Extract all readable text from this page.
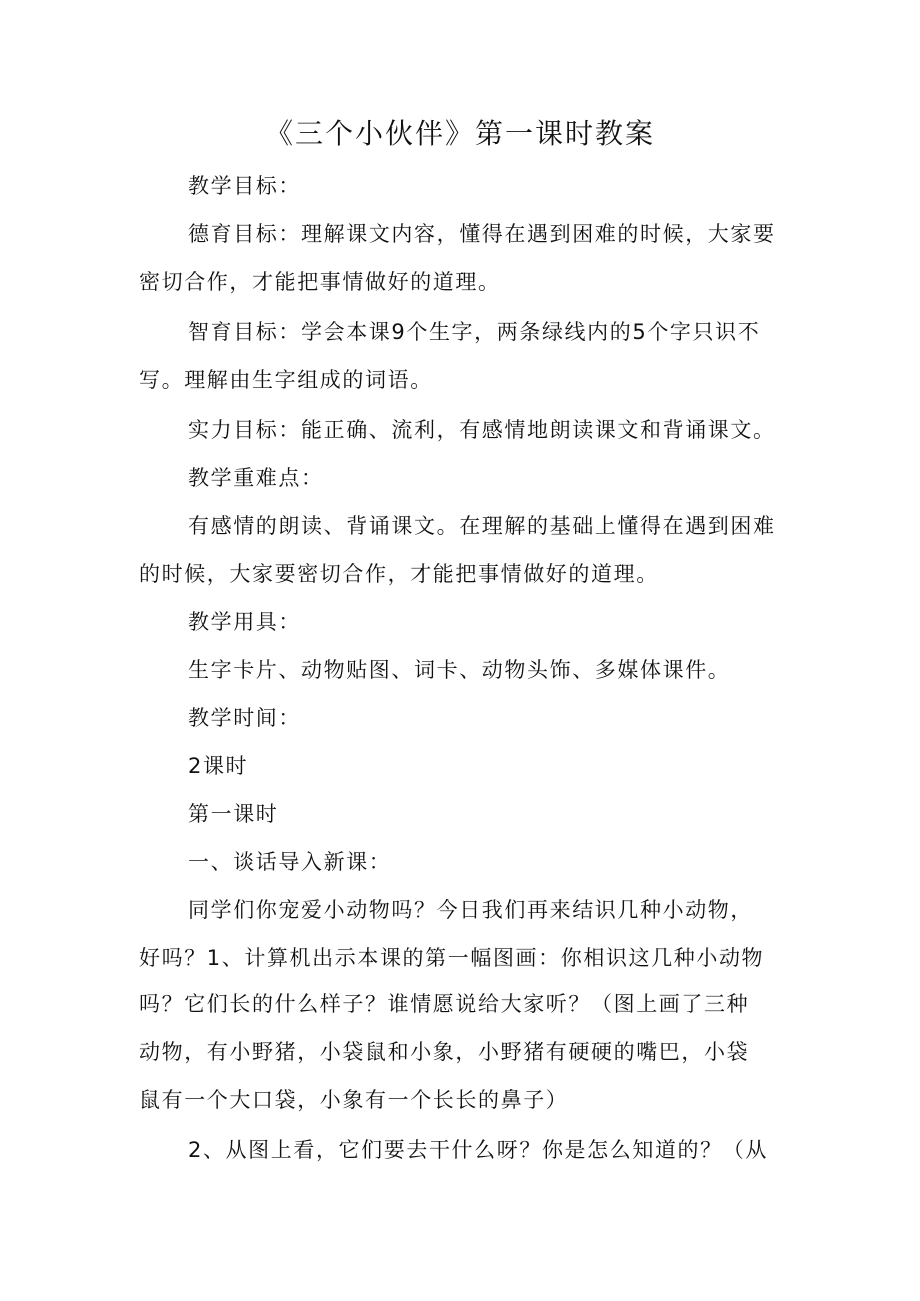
《三个小伙伴》第一课时教案
教学目标：
德育目标：理解课文内容，懂得在遇到困难的时候，大家要
密切合作，才能把事情做好的道理。
智育目标：学会本课9个生字，两条绿线内的5个字只识不
写。理解由生字组成的词语。
实力目标：能正确、流利，有感情地朗读课文和背诵课文。
教学重难点：
有感情的朗读、背诵课文。在理解的基础上懂得在遇到困难
的时候，大家要密切合作，才能把事情做好的道理。
教学用具：
生字卡片、动物贴图、词卡、动物头饰、多媒体课件。
教学时间：
2课时
第一课时
一、谈话导入新课：
同学们你宠爱小动物吗？今日我们再来结识几种小动物，
好吗？1、计算机出示本课的第一幅图画：你相识这几种小动物
吗？它们长的什么样子？谁情愿说给大家听？（图上画了三种
动物，有小野猪，小袋鼠和小象，小野猪有硬硬的嘴巴，小袋
鼠有一个大口袋，小象有一个长长的鼻子）
2、从图上看，它们要去干什么呀？你是怎么知道的？（从
